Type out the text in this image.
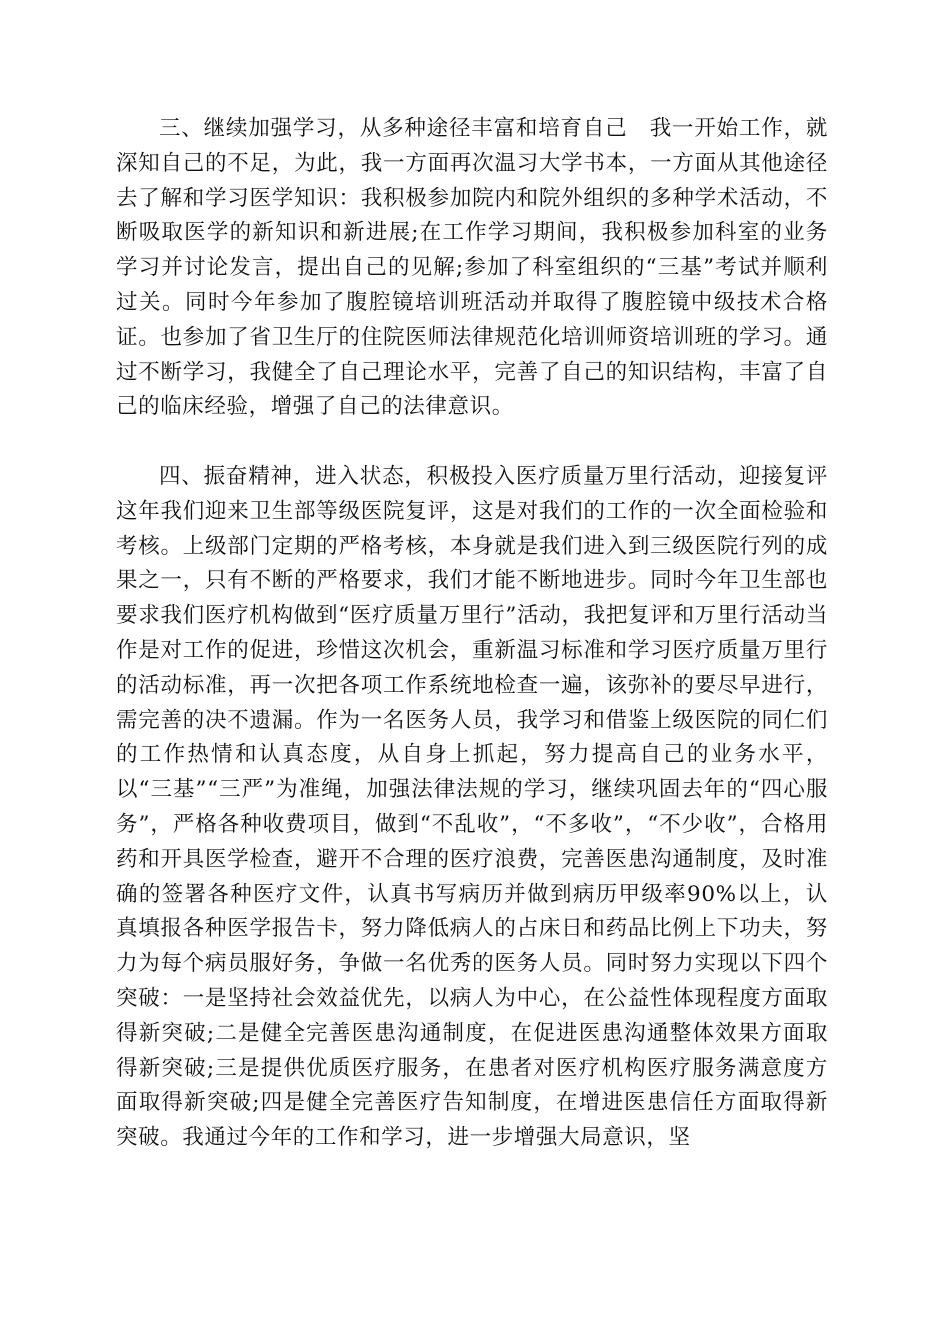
三、继续加强学习，从多种途径丰富和培育自己　我一开始工作，就深知自己的不足，为此，我一方面再次温习大学书本，一方面从其他途径去了解和学习医学知识：我积极参加院内和院外组织的多种学术活动，不断吸取医学的新知识和新进展;在工作学习期间，我积极参加科室的业务学习并讨论发言，提出自己的见解;参加了科室组织的“三基”考试并顺利过关。同时今年参加了腹腔镜培训班活动并取得了腹腔镜中级技术合格证。也参加了省卫生厅的住院医师法律规范化培训师资培训班的学习。通过不断学习，我健全了自己理论水平，完善了自己的知识结构，丰富了自己的临床经验，增强了自己的法律意识。

四、振奋精神，进入状态，积极投入医疗质量万里行活动，迎接复评这年我们迎来卫生部等级医院复评，这是对我们的工作的一次全面检验和考核。上级部门定期的严格考核，本身就是我们进入到三级医院行列的成果之一，只有不断的严格要求，我们才能不断地进步。同时今年卫生部也要求我们医疗机构做到“医疗质量万里行”活动，我把复评和万里行活动当作是对工作的促进，珍惜这次机会，重新温习标准和学习医疗质量万里行的活动标准，再一次把各项工作系统地检查一遍，该弥补的要尽早进行，需完善的决不遗漏。作为一名医务人员，我学习和借鉴上级医院的同仁们的工作热情和认真态度，从自身上抓起，努力提高自己的业务水平，以“三基”“三严”为准绳，加强法律法规的学习，继续巩固去年的“四心服务”，严格各种收费项目，做到“不乱收”，“不多收”，“不少收”，合格用药和开具医学检查，避开不合理的医疗浪费，完善医患沟通制度，及时准确的签署各种医疗文件，认真书写病历并做到病历甲级率90%以上，认真填报各种医学报告卡，努力降低病人的占床日和药品比例上下功夫，努力为每个病员服好务，争做一名优秀的医务人员。同时努力实现以下四个突破：一是坚持社会效益优先，以病人为中心，在公益性体现程度方面取得新突破;二是健全完善医患沟通制度，在促进医患沟通整体效果方面取得新突破;三是提供优质医疗服务，在患者对医疗机构医疗服务满意度方面取得新突破;四是健全完善医疗告知制度，在增进医患信任方面取得新突破。我通过今年的工作和学习，进一步增强大局意识，坚
